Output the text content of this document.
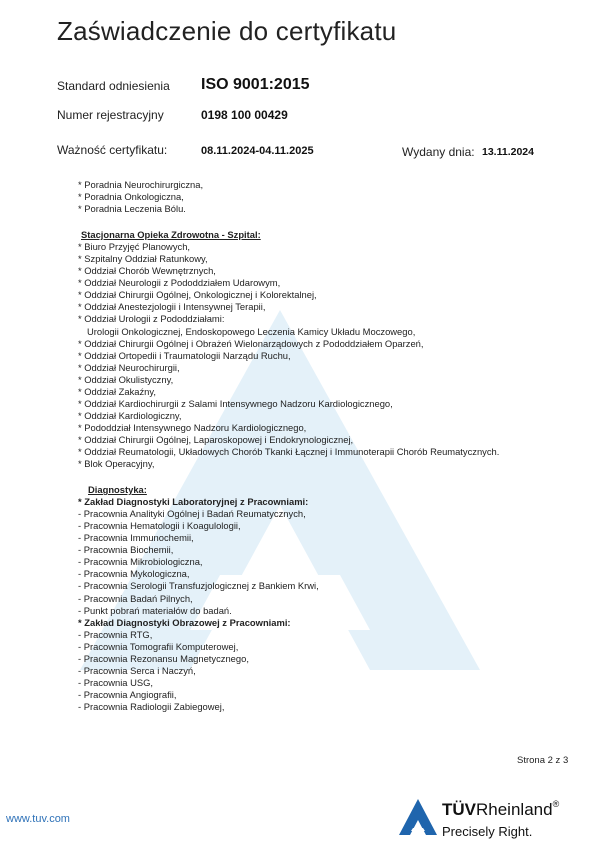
Zaświadczenie do certyfikatu
Standard odniesienia ISO 9001:2015
Numer rejestracyjny	0198 100 00429
Ważność certyfikatu:	08.11.2024-04.11.2025	Wydany dnia: 13.11.2024
* Poradnia Neurochirurgiczna,
* Poradnia Onkologiczna,
* Poradnia Leczenia Bólu.
Stacjonarna Opieka Zdrowotna - Szpital:
* Biuro Przyjęć Planowych,
* Szpitalny Oddział Ratunkowy,
* Oddział Chorób Wewnętrznych,
* Oddział Neurologii z Pododdziałem Udarowym,
* Oddział Chirurgii Ogólnej, Onkologicznej i Kolorektalnej,
* Oddział Anestezjologii i Intensywnej Terapii,
* Oddział Urologii z Pododdziałami:
Urologii Onkologicznej, Endoskopowego Leczenia Kamicy Układu Moczowego,
* Oddział Chirurgii Ogólnej i Obrażeń Wielonarządowych z Pododdziałem Oparzeń,
* Oddział Ortopedii i Traumatologii Narządu Ruchu,
* Oddział Neurochirurgii,
* Oddział Okulistyczny,
* Oddział Zakaźny,
* Oddział Kardiochirurgii z Salami Intensywnego Nadzoru Kardiologicznego,
* Oddział Kardiologiczny,
* Pododdział Intensywnego Nadzoru Kardiologicznego,
* Oddział Chirurgii Ogólnej, Laparoskopowej i Endokrynologicznej,
* Oddział Reumatologii, Układowych Chorób Tkanki Łącznej i Immunoterapii Chorób Reumatycznych.
* Blok Operacyjny,
Diagnostyka:
* Zakład Diagnostyki Laboratoryjnej z Pracowniami:
- Pracownia Analityki Ogólnej i Badań Reumatycznych,
- Pracownia Hematologii i Koagulologii,
- Pracownia Immunochemii,
- Pracownia Biochemii,
- Pracownia Mikrobiologiczna,
- Pracownia Mykologiczna,
- Pracownia Serologii Transfuzjologicznej z Bankiem Krwi,
- Pracownia Badań Pilnych,
- Punkt pobrań materiałów do badań.
* Zakład Diagnostyki Obrazowej z Pracowniami:
- Pracownia RTG,
- Pracownia Tomografii Komputerowej,
- Pracownia Rezonansu Magnetycznego,
- Pracownia Serca i Naczyń,
- Pracownia USG,
- Pracownia Angiografii,
- Pracownia Radiologii Zabiegowej,
Strona 2 z 3
www.tuv.com	TÜVRheinland®
Precisely Right.
